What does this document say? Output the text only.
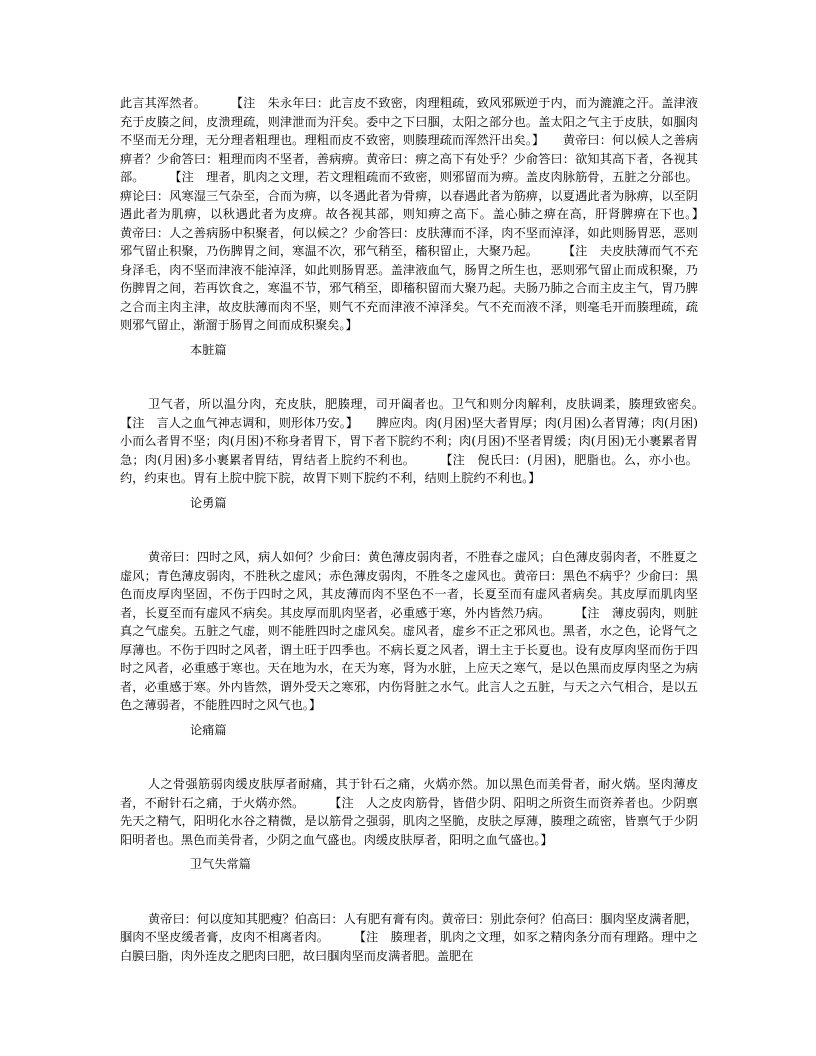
此言其浑然者。　　　【注　朱永年曰：此言皮不致密，肉理粗疏，致风邪厥逆于内，而为漉漉之汗。盖津液充于皮腠之间，皮溃理疏，则津泄而为汗矣。委中之下曰腘，太阳之部分也。盖太阳之气主于皮肤，如腘肉不坚而无分理，无分理者粗理也。理粗而皮不致密，则腠理疏而浑然汗出矣。】　　黄帝曰：何以候人之善病痹者？少俞答曰：粗理而肉不坚者，善病痹。黄帝曰：痹之高下有处乎？少俞答曰：欲知其高下者，各视其部。　　　【注　理者，肌肉之文理，若文理粗疏而不致密，则邪留而为痹。盖皮肉脉筋骨，五脏之分部也。痹论曰：风寒湿三气杂至，合而为痹，以冬遇此者为骨痹，以春遇此者为筋痹，以夏遇此者为脉痹，以至阴遇此者为肌痹，以秋遇此者为皮痹。故各视其部，则知痹之高下。盖心肺之痹在高，肝肾脾痹在下也。】　　黄帝曰：人之善病肠中积聚者，何以候之？少俞答曰：皮肤薄而不泽，肉不坚而淖泽，如此则肠胃恶，恶则邪气留止积聚，乃伤脾胃之间，寒温不次，邪气稍至，稸积留止，大聚乃起。　　　【注　夫皮肤薄而气不充身泽毛，肉不坚而津液不能淖泽，如此则肠胃恶。盖津液血气，肠胃之所生也，恶则邪气留止而成积聚，乃伤脾胃之间，若再饮食之，寒温不节，邪气稍至，即稸积留而大聚乃起。夫肠乃肺之合而主皮主气，胃乃脾之合而主肉主津，故皮肤薄而肉不坚，则气不充而津液不淖泽矣。气不充而液不泽，则毫毛开而腠理疏，疏则邪气留止，渐溜于肠胃之间而成积聚矣。】

本脏篇

卫气者，所以温分肉，充皮肤，肥腠理，司开阖者也。卫气和则分肉解利，皮肤调柔，腠理致密矣。　　　【注　言人之血气神志调和，则形体乃安。】　　脾应肉。肉(月困)坚大者胃厚；肉(月困)么者胃薄；肉(月困)小而么者胃不坚；肉(月困)不称身者胃下，胃下者下脘约不利；肉(月困)不坚者胃缓；肉(月困)无小裹累者胃急；肉(月困)多小裹累者胃结，胃结者上脘约不利也。　　　【注　倪氏曰：(月困)，肥脂也。么，亦小也。约，约束也。胃有上脘中脘下脘，故胃下则下脘约不利，结则上脘约不利也。】

论勇篇

黄帝曰：四时之风，病人如何？少俞曰：黄色薄皮弱肉者，不胜春之虚风；白色薄皮弱肉者，不胜夏之虚风；青色薄皮弱肉，不胜秋之虚风；赤色薄皮弱肉，不胜冬之虚风也。黄帝曰：黑色不病乎？少俞曰：黑色而皮厚肉坚固，不伤于四时之风，其皮薄而肉不坚色不一者，长夏至而有虚风者病矣。其皮厚而肌肉坚者，长夏至而有虚风不病矣。其皮厚而肌肉坚者，必重感于寒，外内皆然乃病。　　　【注　薄皮弱肉，则脏真之气虚矣。五脏之气虚，则不能胜四时之虚风矣。虚风者，虚乡不正之邪风也。黑者，水之色，论肾气之厚薄也。不伤于四时之风者，谓土旺于四季也。不病长夏之风者，谓土主于长夏也。设有皮厚肉坚而伤于四时之风者，必重感于寒也。天在地为水，在天为寒，肾为水脏，上应天之寒气，是以色黑而皮厚肉坚之为病者，必重感于寒。外内皆然，谓外受天之寒邪，内伤肾脏之水气。此言人之五脏，与天之六气相合，是以五色之薄弱者，不能胜四时之风气也。】

论痛篇

人之骨强筋弱肉缓皮肤厚者耐痛，其于针石之痛，火焫亦然。加以黑色而美骨者，耐火焫。坚肉薄皮者，不耐针石之痛，于火焫亦然。　　　【注　人之皮肉筋骨，皆借少阴、阳明之所资生而资养者也。少阴禀先天之精气，阳明化水谷之精微，是以筋骨之强弱，肌肉之坚脆，皮肤之厚薄，腠理之疏密，皆禀气于少阴阳明者也。黑色而美骨者，少阴之血气盛也。肉缓皮肤厚者，阳明之血气盛也。】

卫气失常篇

黄帝曰：何以度知其肥瘦？伯高曰：人有肥有膏有肉。黄帝曰：别此奈何？伯高曰：腘肉坚皮满者肥，腘肉不坚皮缓者膏，皮肉不相离者肉。　　　【注　腠理者，肌肉之文理，如豕之精肉条分而有理路。理中之白膜曰脂，肉外连皮之肥肉曰肥，故曰腘肉坚而皮满者肥。盖肥在
